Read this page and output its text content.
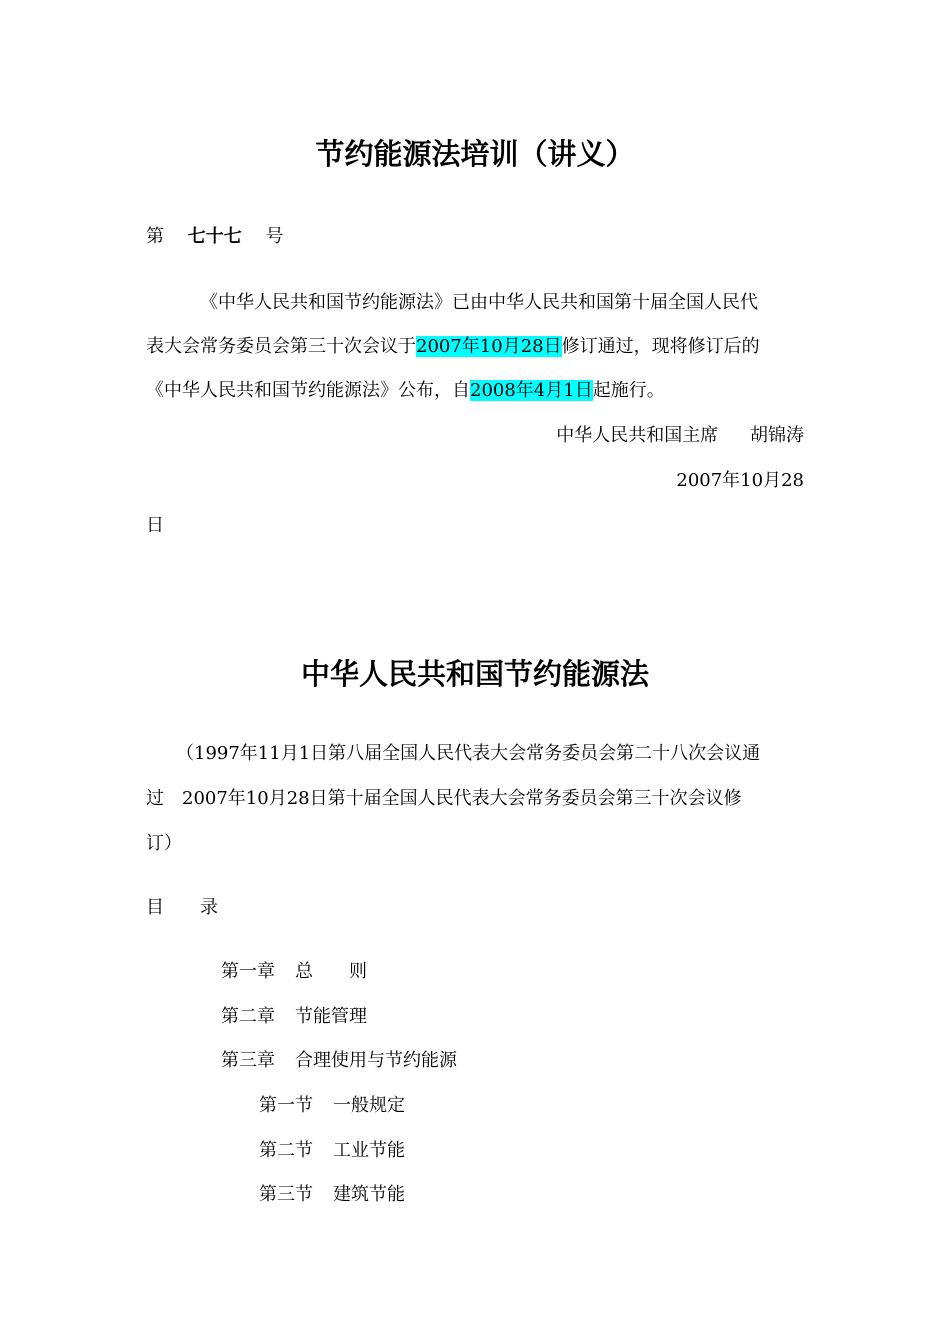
节约能源法培训（讲义）
第 七十七 号
《中华人民共和国节约能源法》已由中华人民共和国第十届全国人民代
表大会常务委员会第三十次会议于2007年10月28日修订通过，现将修订后的
《中华人民共和国节约能源法》公布，自2008年4月1日起施行。
中华人民共和国主席 胡锦涛
2007年10月28
日
中华人民共和国节约能源法
（1997年11月1日第八届全国人民代表大会常务委员会第二十八次会议通
过　2007年10月28日第十届全国人民代表大会常务委员会第三十次会议修
订）
目 录
第一章 总　　则
第二章 节能管理
第三章 合理使用与节约能源
第一节 一般规定
第二节 工业节能
第三节 建筑节能
